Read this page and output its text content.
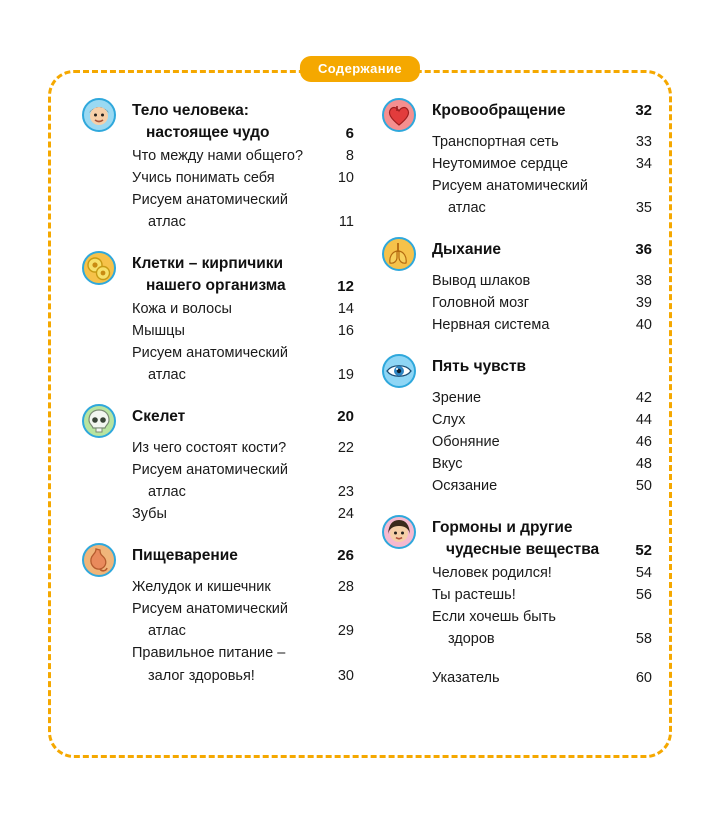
Содержание
Тело человека:
настоящее чудо	6
Что между нами общего?	8
Учись понимать себя	10
Рисуем анатомический
атлас	11
Клетки – кирпичики
нашего организма	12
Кожа и волосы	14
Мышцы	16
Рисуем анатомический
атлас	19
Скелет	20
Из чего состоят кости?	22
Рисуем анатомический
атлас	23
Зубы	24
Пищеварение	26
Желудок и кишечник	28
Рисуем анатомический
атлас	29
Правильное питание –
залог здоровья!	30
Кровообращение	32
Транспортная сеть	33
Неутомимое сердце	34
Рисуем анатомический
атлас	35
Дыхание	36
Вывод шлаков	38
Головной мозг	39
Нервная система	40
Пять чувств
Зрение	42
Слух	44
Обоняние	46
Вкус	48
Осязание	50
Гормоны и другие
чудесные вещества	52
Человек родился!	54
Ты растешь!	56
Если хочешь быть
здоров	58
Указатель	60
